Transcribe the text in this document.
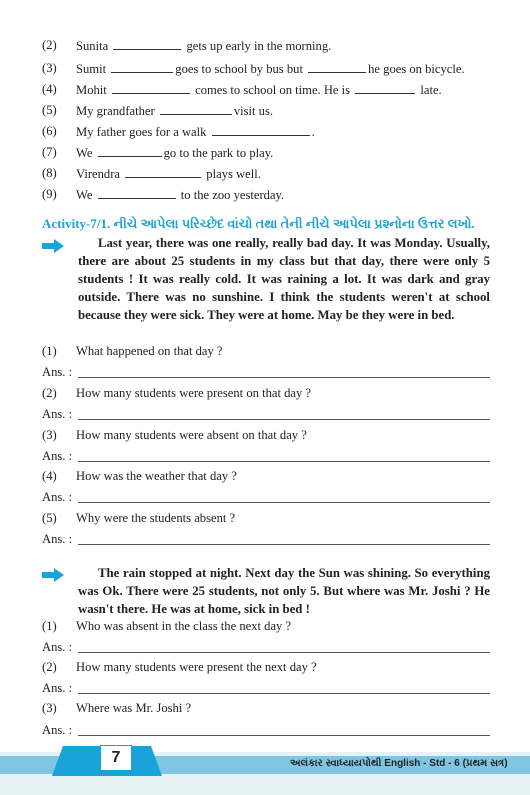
(2) Sunita	gets up early in the morning.
(3) Sumit	goes to school by bus but	he goes on bicycle.
(4) Mohit	comes to school on time. He is	late.
(5) My grandfather	visit us.
(6) My father goes for a walk	.
(7) We	go to the park to play.
(8) Virendra	plays well.
(9) We	to the zoo yesterday.
Activity-7/1. નીચે આપેલા પરિચ્છેદ વાંચો તથા તેની નીચે આપેલા પ્રશ્નોના ઉત્તર લખો.
Last year, there was one really, really bad day. It was Monday. Usually, there are about 25 students in my class but that day, there were only 5 students ! It was really cold. It was raining a lot. It was dark and gray outside. There was no sunshine. I think the students weren't at school because they were sick. They were at home. May be they were in bed.
(1) What happened on that day ?
Ans. :
(2) How many students were present on that day ?
Ans. :
(3) How many students were absent on that day ?
Ans. :
(4) How was the weather that day ?
Ans. :
(5) Why were the students absent ?
Ans. :
The rain stopped at night. Next day the Sun was shining. So everything was Ok. There were 25 students, not only 5. But where was Mr. Joshi ? He wasn't there. He was at home, sick in bed !
(1) Who was absent in the class the next day ?
Ans. :
(2) How many students were present the next day ?
Ans. :
(3) Where was Mr. Joshi ?
Ans. :
7	અલંકાર સ્વાધ્યાયપોથી English - Std - 6 (પ્રથમ સત્ર)
